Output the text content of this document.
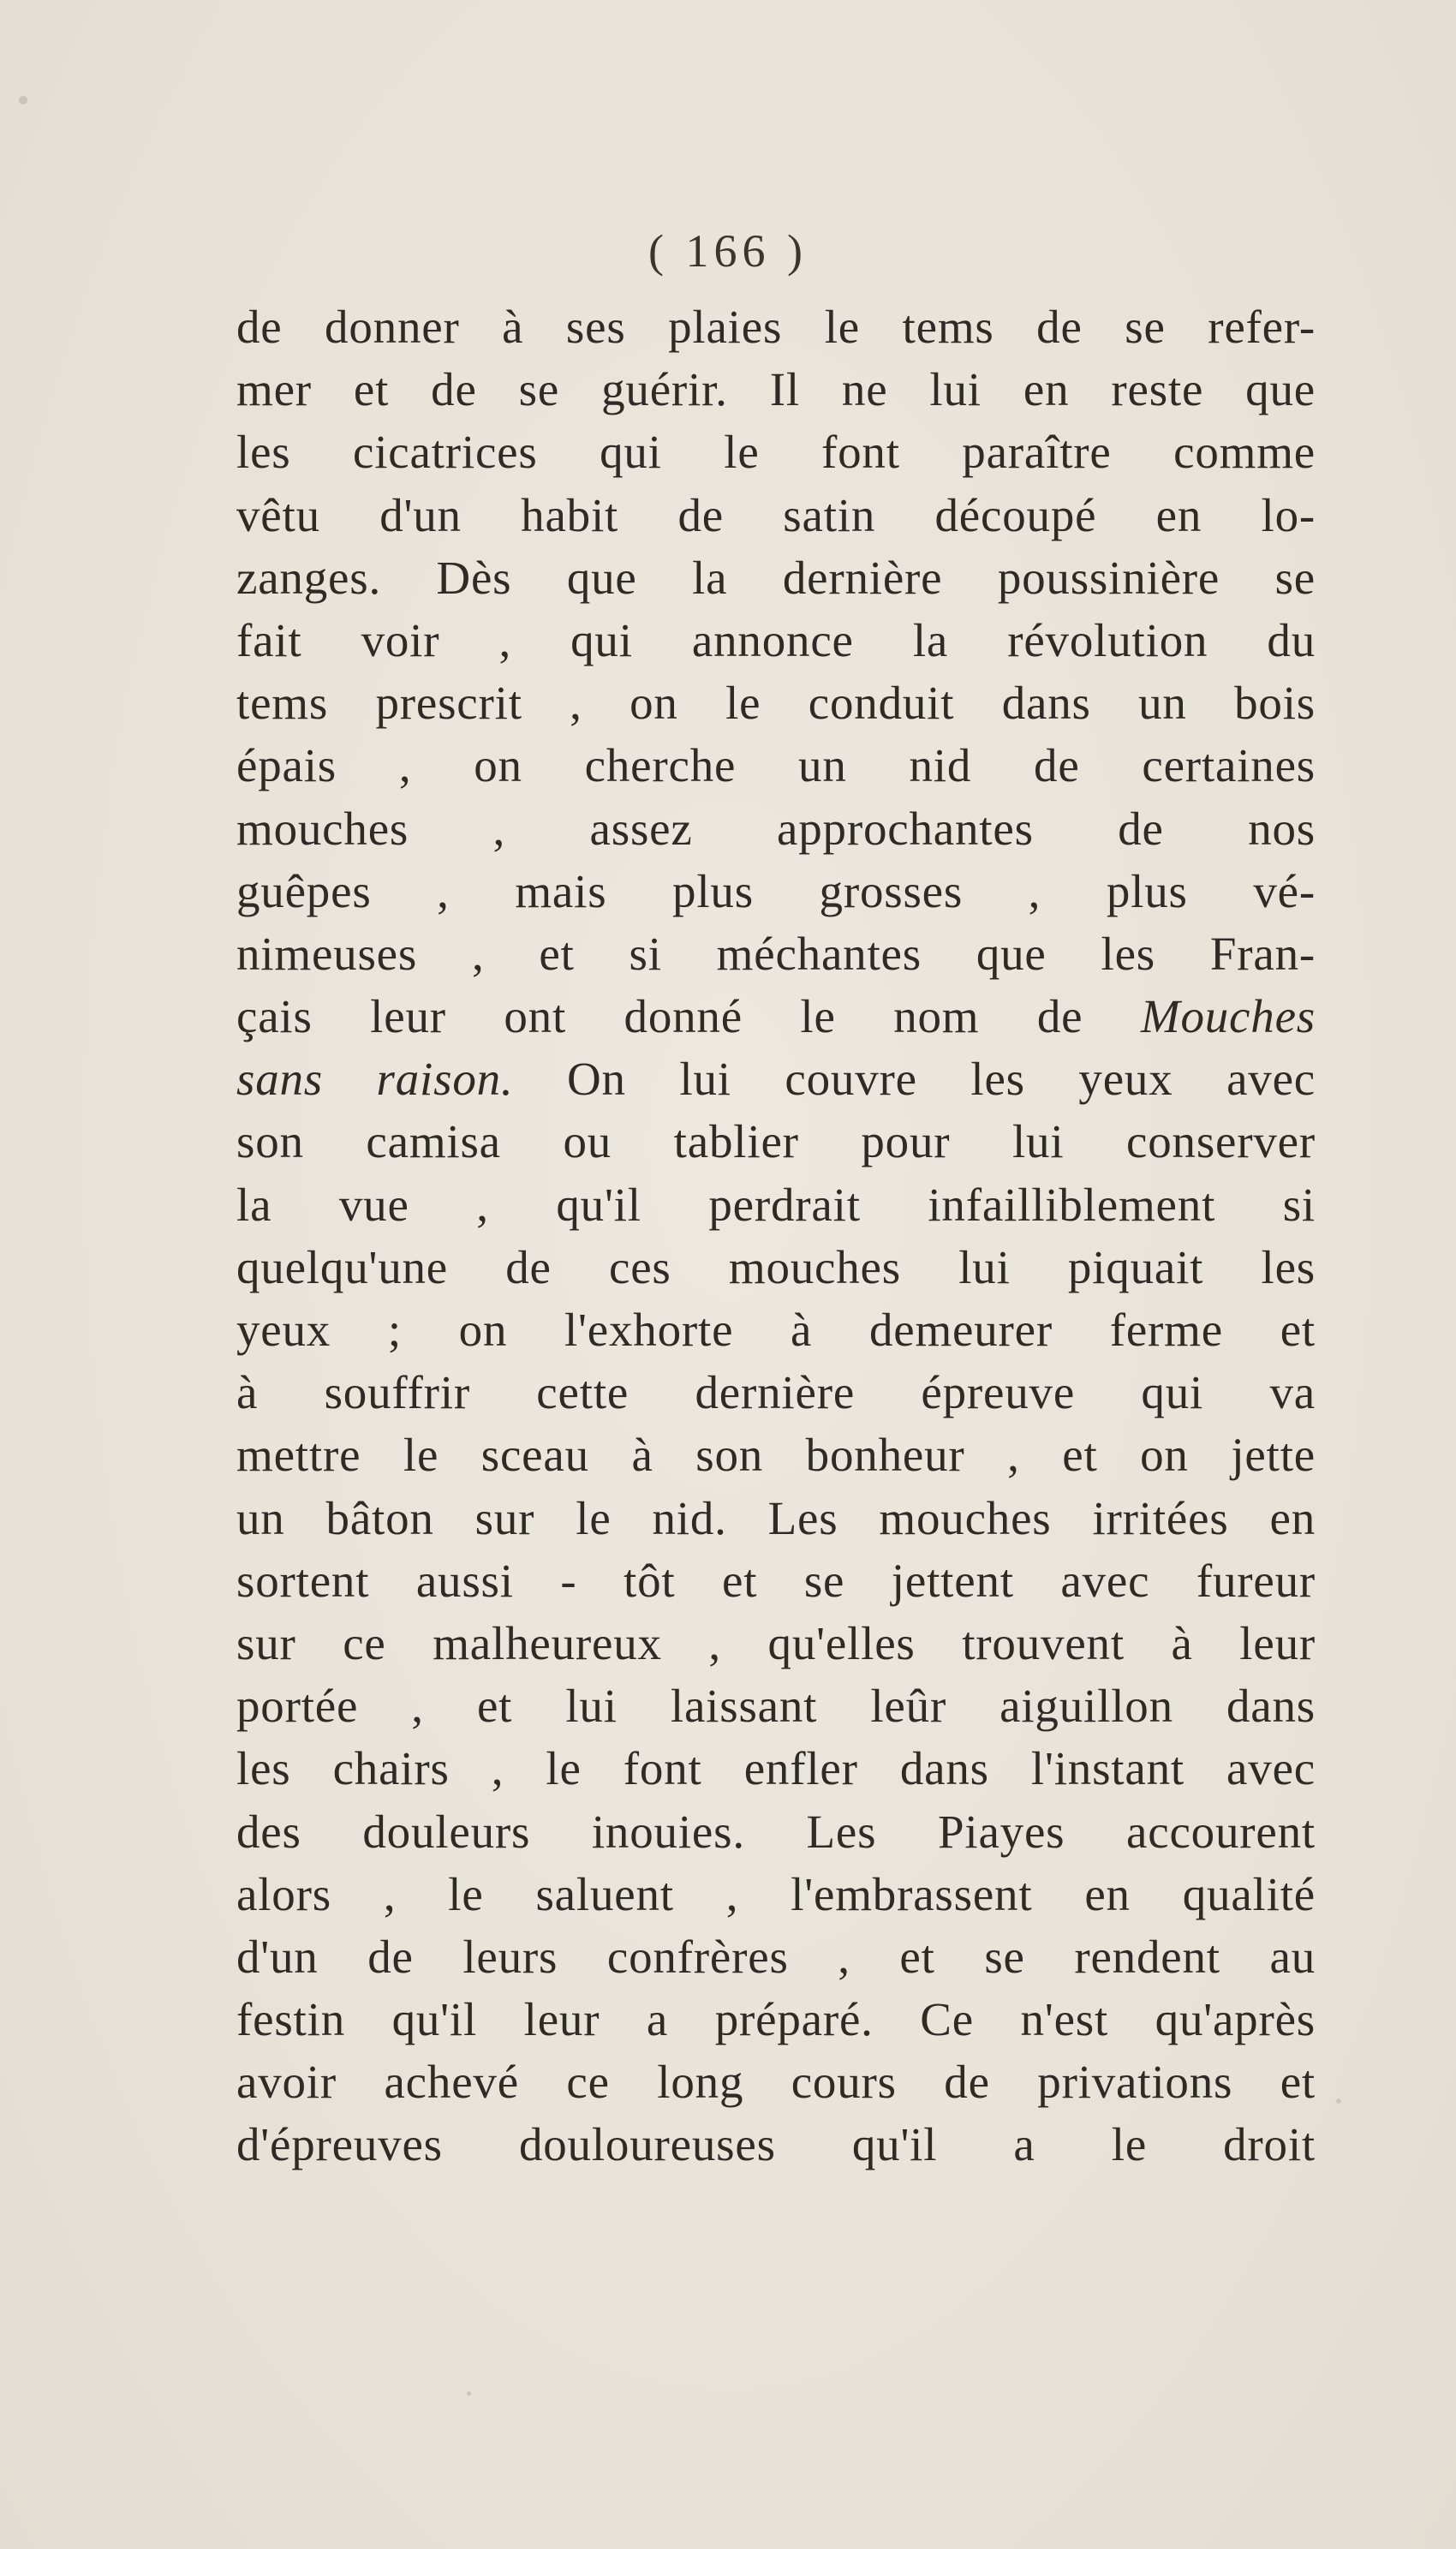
( 166 )

de donner à ses plaies le tems de se refer-
mer et de se guérir. Il ne lui en reste que
les cicatrices qui le font paraître comme
vêtu d'un habit de satin découpé en lo-
zanges. Dès que la dernière poussinière se
fait voir , qui annonce la révolution du
tems prescrit , on le conduit dans un bois
épais , on cherche un nid de certaines
mouches , assez approchantes de nos
guêpes , mais plus grosses , plus vé-
nimeuses , et si méchantes que les Fran-
çais leur ont donné le nom de Mouches
sans raison. On lui couvre les yeux avec
son camisa ou tablier pour lui conserver
la vue , qu'il perdrait infailliblement si
quelqu'une de ces mouches lui piquait les
yeux ; on l'exhorte à demeurer ferme et
à souffrir cette dernière épreuve qui va
mettre le sceau à son bonheur , et on jette
un bâton sur le nid. Les mouches irritées en
sortent aussi - tôt et se jettent avec fureur
sur ce malheureux , qu'elles trouvent à leur
portée , et lui laissant leûr aiguillon dans
les chairs , le font enfler dans l'instant avec
des douleurs inouies. Les Piayes accourent
alors , le saluent , l'embrassent en qualité
d'un de leurs confrères , et se rendent au
festin qu'il leur a préparé. Ce n'est qu'après
avoir achevé ce long cours de privations et
d'épreuves douloureuses qu'il a le droit
